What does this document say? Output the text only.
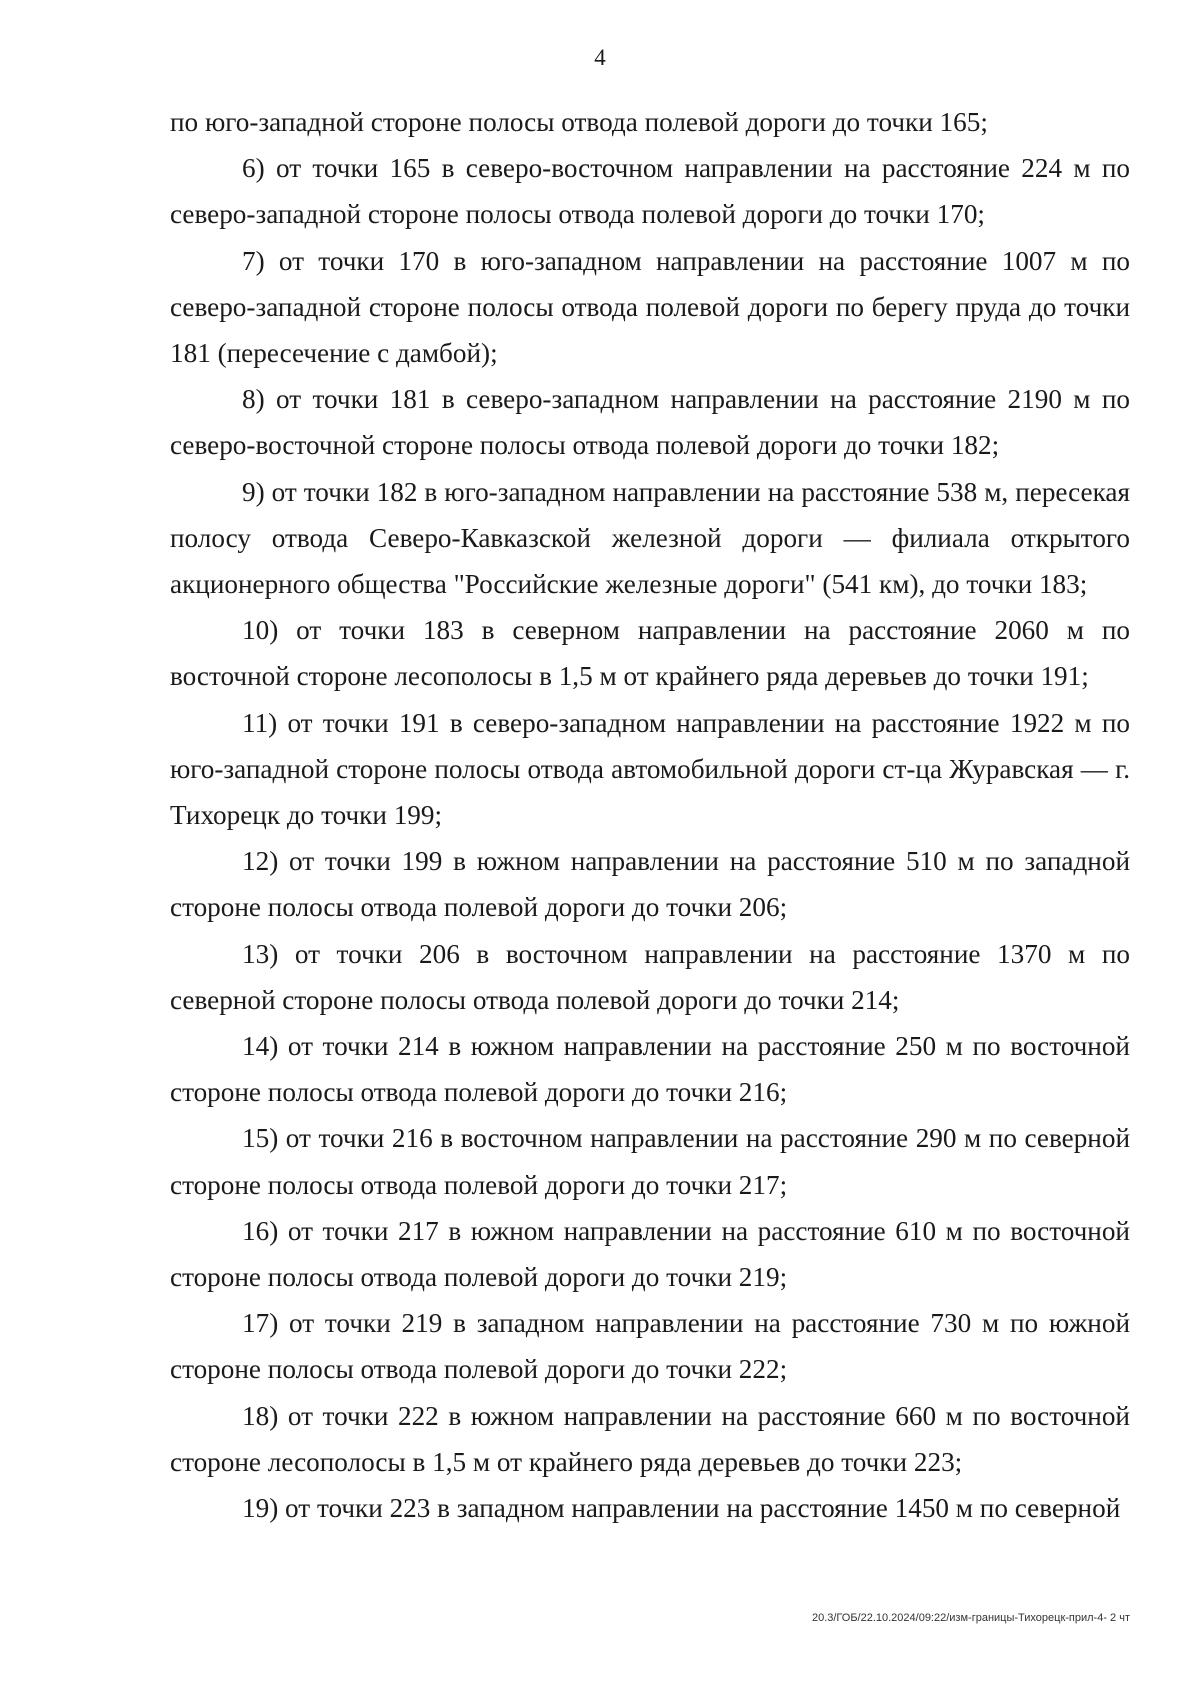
4

по юго-западной стороне полосы отвода полевой дороги до точки 165;

6) от точки 165 в северо-восточном направлении на расстояние 224 м по северо-западной стороне полосы отвода полевой дороги до точки 170;

7) от точки 170 в юго-западном направлении на расстояние 1007 м по северо-западной стороне полосы отвода полевой дороги по берегу пруда до точки 181 (пересечение с дамбой);

8) от точки 181 в северо-западном направлении на расстояние 2190 м по северо-восточной стороне полосы отвода полевой дороги до точки 182;

9) от точки 182 в юго-западном направлении на расстояние 538 м, пересекая полосу отвода Северо-Кавказской железной дороги — филиала открытого акционерного общества "Российские железные дороги" (541 км), до точки 183;

10) от точки 183 в северном направлении на расстояние 2060 м по восточной стороне лесополосы в 1,5 м от крайнего ряда деревьев до точки 191;

11) от точки 191 в северо-западном направлении на расстояние 1922 м по юго-западной стороне полосы отвода автомобильной дороги ст-ца Журавская — г. Тихорецк до точки 199;

12) от точки 199 в южном направлении на расстояние 510 м по западной стороне полосы отвода полевой дороги до точки 206;

13) от точки 206 в восточном направлении на расстояние 1370 м по северной стороне полосы отвода полевой дороги до точки 214;

14) от точки 214 в южном направлении на расстояние 250 м по восточной стороне полосы отвода полевой дороги до точки 216;

15) от точки 216 в восточном направлении на расстояние 290 м по северной стороне полосы отвода полевой дороги до точки 217;

16) от точки 217 в южном направлении на расстояние 610 м по восточной стороне полосы отвода полевой дороги до точки 219;

17) от точки 219 в западном направлении на расстояние 730 м по южной стороне полосы отвода полевой дороги до точки 222;

18) от точки 222 в южном направлении на расстояние 660 м по восточной стороне лесополосы в 1,5 м от крайнего ряда деревьев до точки 223;

19) от точки 223 в западном направлении на расстояние 1450 м по северной

20.3/ГОБ/22.10.2024/09:22/изм-границы-Тихорецк-прил-4- 2 чт
